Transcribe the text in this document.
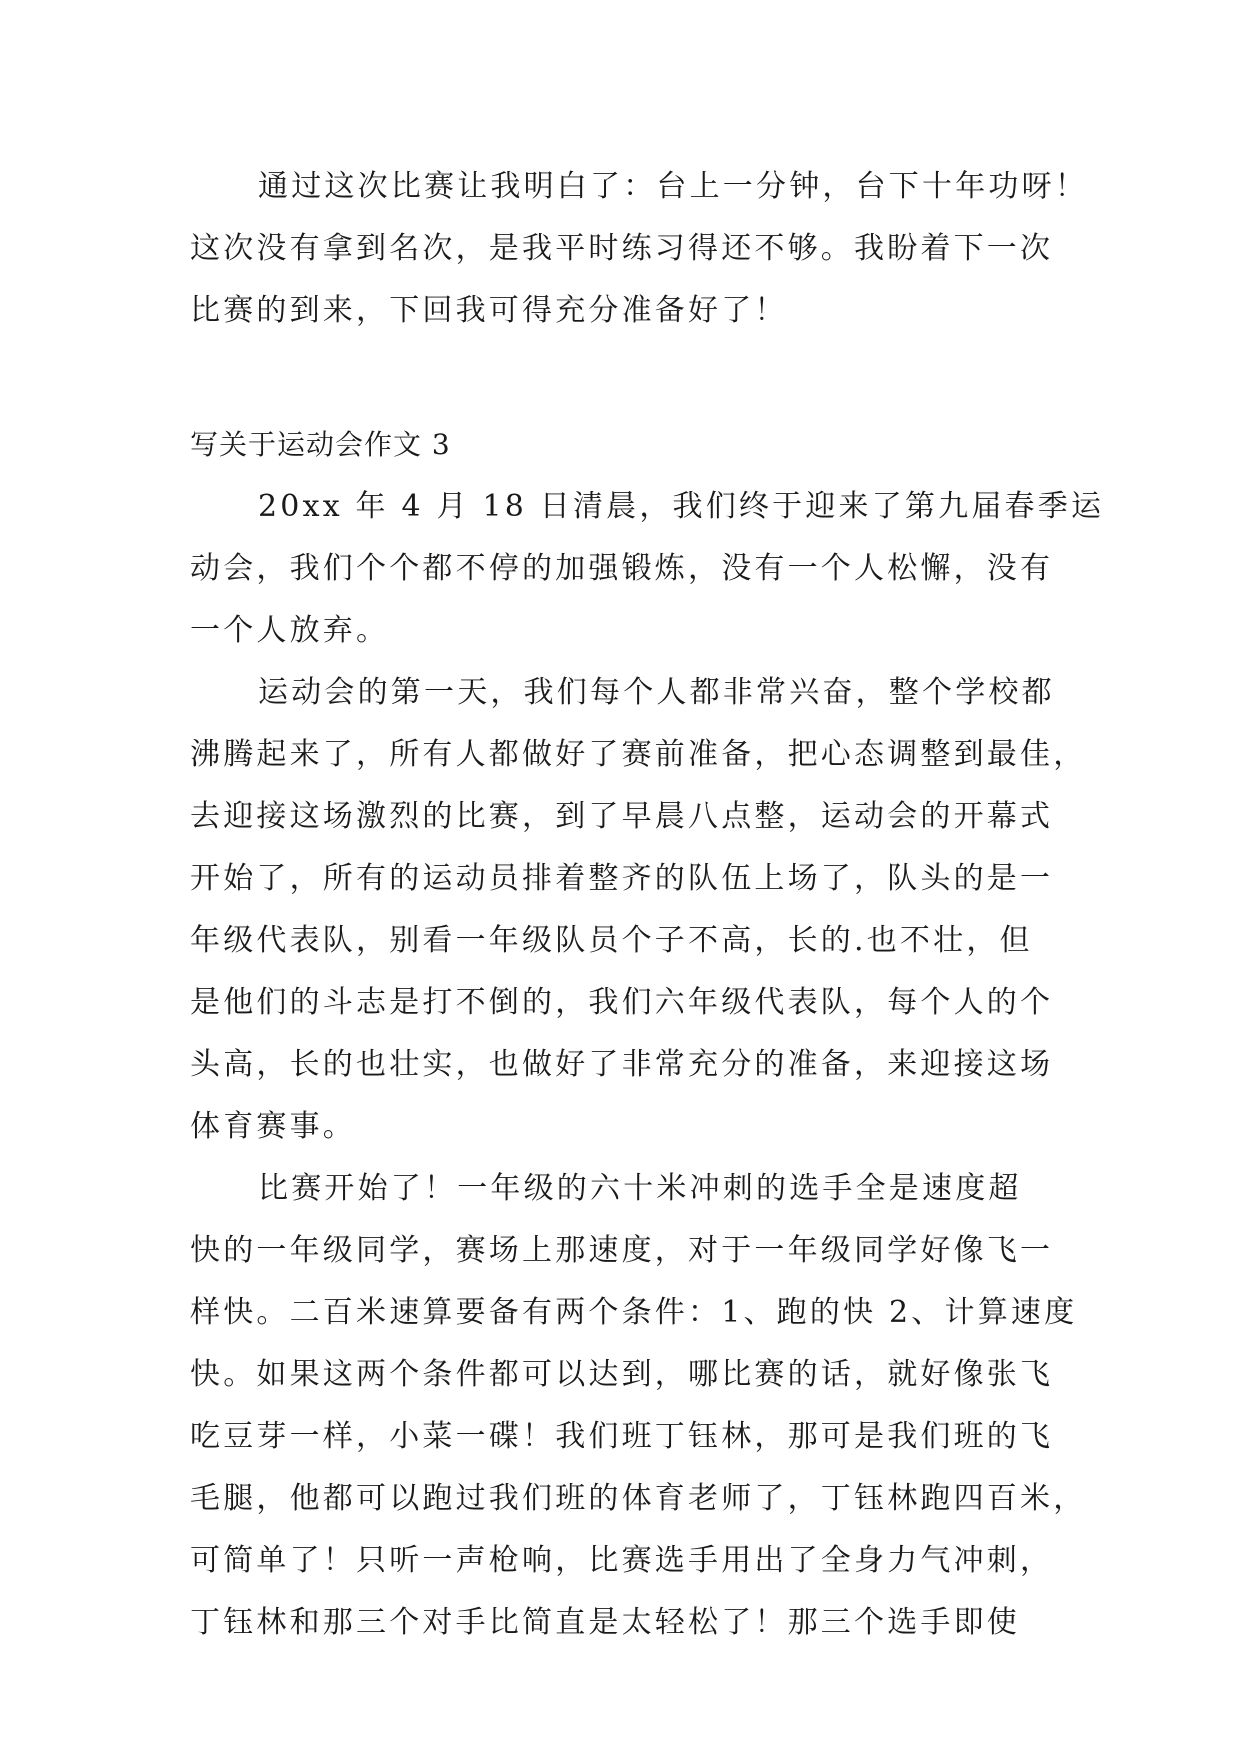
通过这次比赛让我明白了：台上一分钟，台下十年功呀！
这次没有拿到名次，是我平时练习得还不够。我盼着下一次
比赛的到来，下回我可得充分准备好了！
写关于运动会作文 3
20xx 年 4 月 18 日清晨，我们终于迎来了第九届春季运
动会，我们个个都不停的加强锻炼，没有一个人松懈，没有
一个人放弃。
运动会的第一天，我们每个人都非常兴奋，整个学校都
沸腾起来了，所有人都做好了赛前准备，把心态调整到最佳，
去迎接这场激烈的比赛，到了早晨八点整，运动会的开幕式
开始了，所有的运动员排着整齐的队伍上场了，队头的是一
年级代表队，别看一年级队员个子不高，长的.也不壮，但
是他们的斗志是打不倒的，我们六年级代表队，每个人的个
头高，长的也壮实，也做好了非常充分的准备，来迎接这场
体育赛事。
比赛开始了！一年级的六十米冲刺的选手全是速度超
快的一年级同学，赛场上那速度，对于一年级同学好像飞一
样快。二百米速算要备有两个条件：1、跑的快 2、计算速度
快。如果这两个条件都可以达到，哪比赛的话，就好像张飞
吃豆芽一样，小菜一碟！我们班丁钰林，那可是我们班的飞
毛腿，他都可以跑过我们班的体育老师了，丁钰林跑四百米，
可简单了！只听一声枪响，比赛选手用出了全身力气冲刺，
丁钰林和那三个对手比简直是太轻松了！那三个选手即使
